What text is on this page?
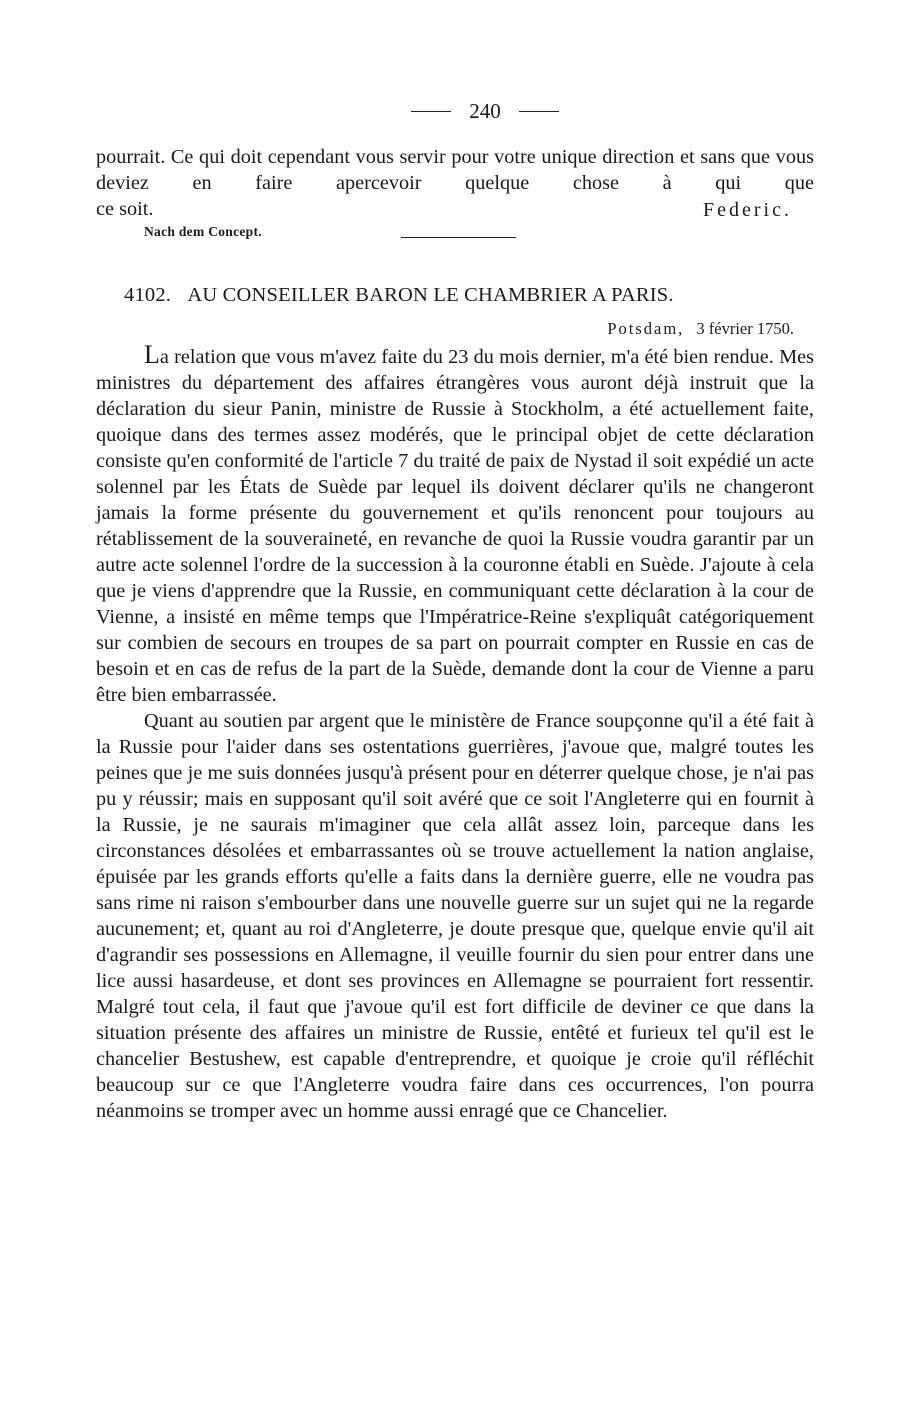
240

pourrait. Ce qui doit cependant vous servir pour votre unique direction et sans que vous deviez en faire apercevoir quelque chose à qui que

ce soit.	Federic.
Nach dem Concept.
4102. AU CONSEILLER BARON LE CHAMBRIER A PARIS.
Potsdam, 3 février 1750.

La relation que vous m'avez faite du 23 du mois dernier, m'a été bien rendue. Mes ministres du département des affaires étrangères vous auront déjà instruit que la déclaration du sieur Panin, ministre de Russie à Stockholm, a été actuellement faite, quoique dans des termes assez modérés, que le principal objet de cette déclaration consiste qu'en conformité de l'article 7 du traité de paix de Nystad il soit expédié un acte solennel par les États de Suède par lequel ils doivent déclarer qu'ils ne changeront jamais la forme présente du gouvernement et qu'ils renoncent pour toujours au rétablissement de la souveraineté, en revanche de quoi la Russie voudra garantir par un autre acte solennel l'ordre de la succession à la couronne établi en Suède. J'ajoute à cela que je viens d'apprendre que la Russie, en communiquant cette déclaration à la cour de Vienne, a insisté en même temps que l'Impératrice-Reine s'expliquât catégoriquement sur combien de secours en troupes de sa part on pourrait compter en Russie en cas de besoin et en cas de refus de la part de la Suède, demande dont la cour de Vienne a paru être bien embarrassée.

Quant au soutien par argent que le ministère de France soupçonne qu'il a été fait à la Russie pour l'aider dans ses ostentations guerrières, j'avoue que, malgré toutes les peines que je me suis données jusqu'à présent pour en déterrer quelque chose, je n'ai pas pu y réussir; mais en supposant qu'il soit avéré que ce soit l'Angleterre qui en fournit à la Russie, je ne saurais m'imaginer que cela allât assez loin, parceque dans les circonstances désolées et embarrassantes où se trouve actuellement la nation anglaise, épuisée par les grands efforts qu'elle a faits dans la dernière guerre, elle ne voudra pas sans rime ni raison s'embourber dans une nouvelle guerre sur un sujet qui ne la regarde aucunement; et, quant au roi d'Angleterre, je doute presque que, quelque envie qu'il ait d'agrandir ses possessions en Allemagne, il veuille fournir du sien pour entrer dans une lice aussi hasardeuse, et dont ses provinces en Allemagne se pourraient fort ressentir. Malgré tout cela, il faut que j'avoue qu'il est fort difficile de deviner ce que dans la situation présente des affaires un ministre de Russie, entêté et furieux tel qu'il est le chancelier Bestushew, est capable d'entreprendre, et quoique je croie qu'il réfléchit beaucoup sur ce que l'Angleterre voudra faire dans ces occurrences, l'on pourra néanmoins se tromper avec un homme aussi enragé que ce Chancelier.
